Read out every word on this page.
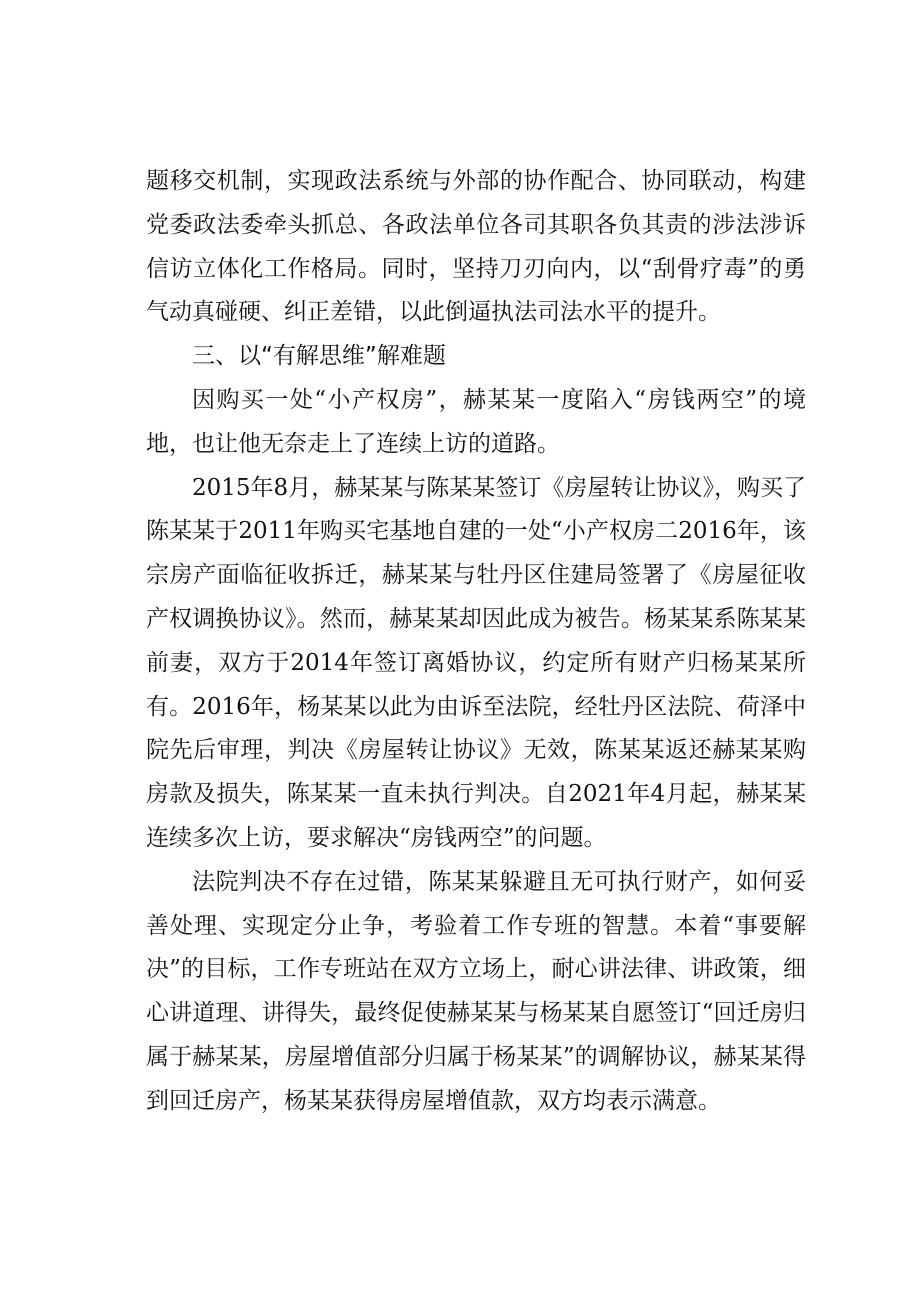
题移交机制，实现政法系统与外部的协作配合、协同联动，构建党委政法委牵头抓总、各政法单位各司其职各负其责的涉法涉诉信访立体化工作格局。同时，坚持刀刃向内，以“刮骨疗毒”的勇气动真碰硬、纠正差错，以此倒逼执法司法水平的提升。

三、以“有解思维”解难题

因购买一处“小产权房”，赫某某一度陷入“房钱两空”的境地，也让他无奈走上了连续上访的道路。

2015年8月，赫某某与陈某某签订《房屋转让协议》，购买了陈某某于2011年购买宅基地自建的一处“小产权房二2016年，该宗房产面临征收拆迁，赫某某与牡丹区住建局签署了《房屋征收产权调换协议》。然而，赫某某却因此成为被告。杨某某系陈某某前妻，双方于2014年签订离婚协议，约定所有财产归杨某某所有。2016年，杨某某以此为由诉至法院，经牡丹区法院、荷泽中院先后审理，判决《房屋转让协议》无效，陈某某返还赫某某购房款及损失，陈某某一直未执行判决。自2021年4月起，赫某某连续多次上访，要求解决“房钱两空”的问题。

法院判决不存在过错，陈某某躲避且无可执行财产，如何妥善处理、实现定分止争，考验着工作专班的智慧。本着“事要解决”的目标，工作专班站在双方立场上，耐心讲法律、讲政策，细心讲道理、讲得失，最终促使赫某某与杨某某自愿签订“回迁房归属于赫某某，房屋增值部分归属于杨某某”的调解协议，赫某某得到回迁房产，杨某某获得房屋增值款，双方均表示满意。
